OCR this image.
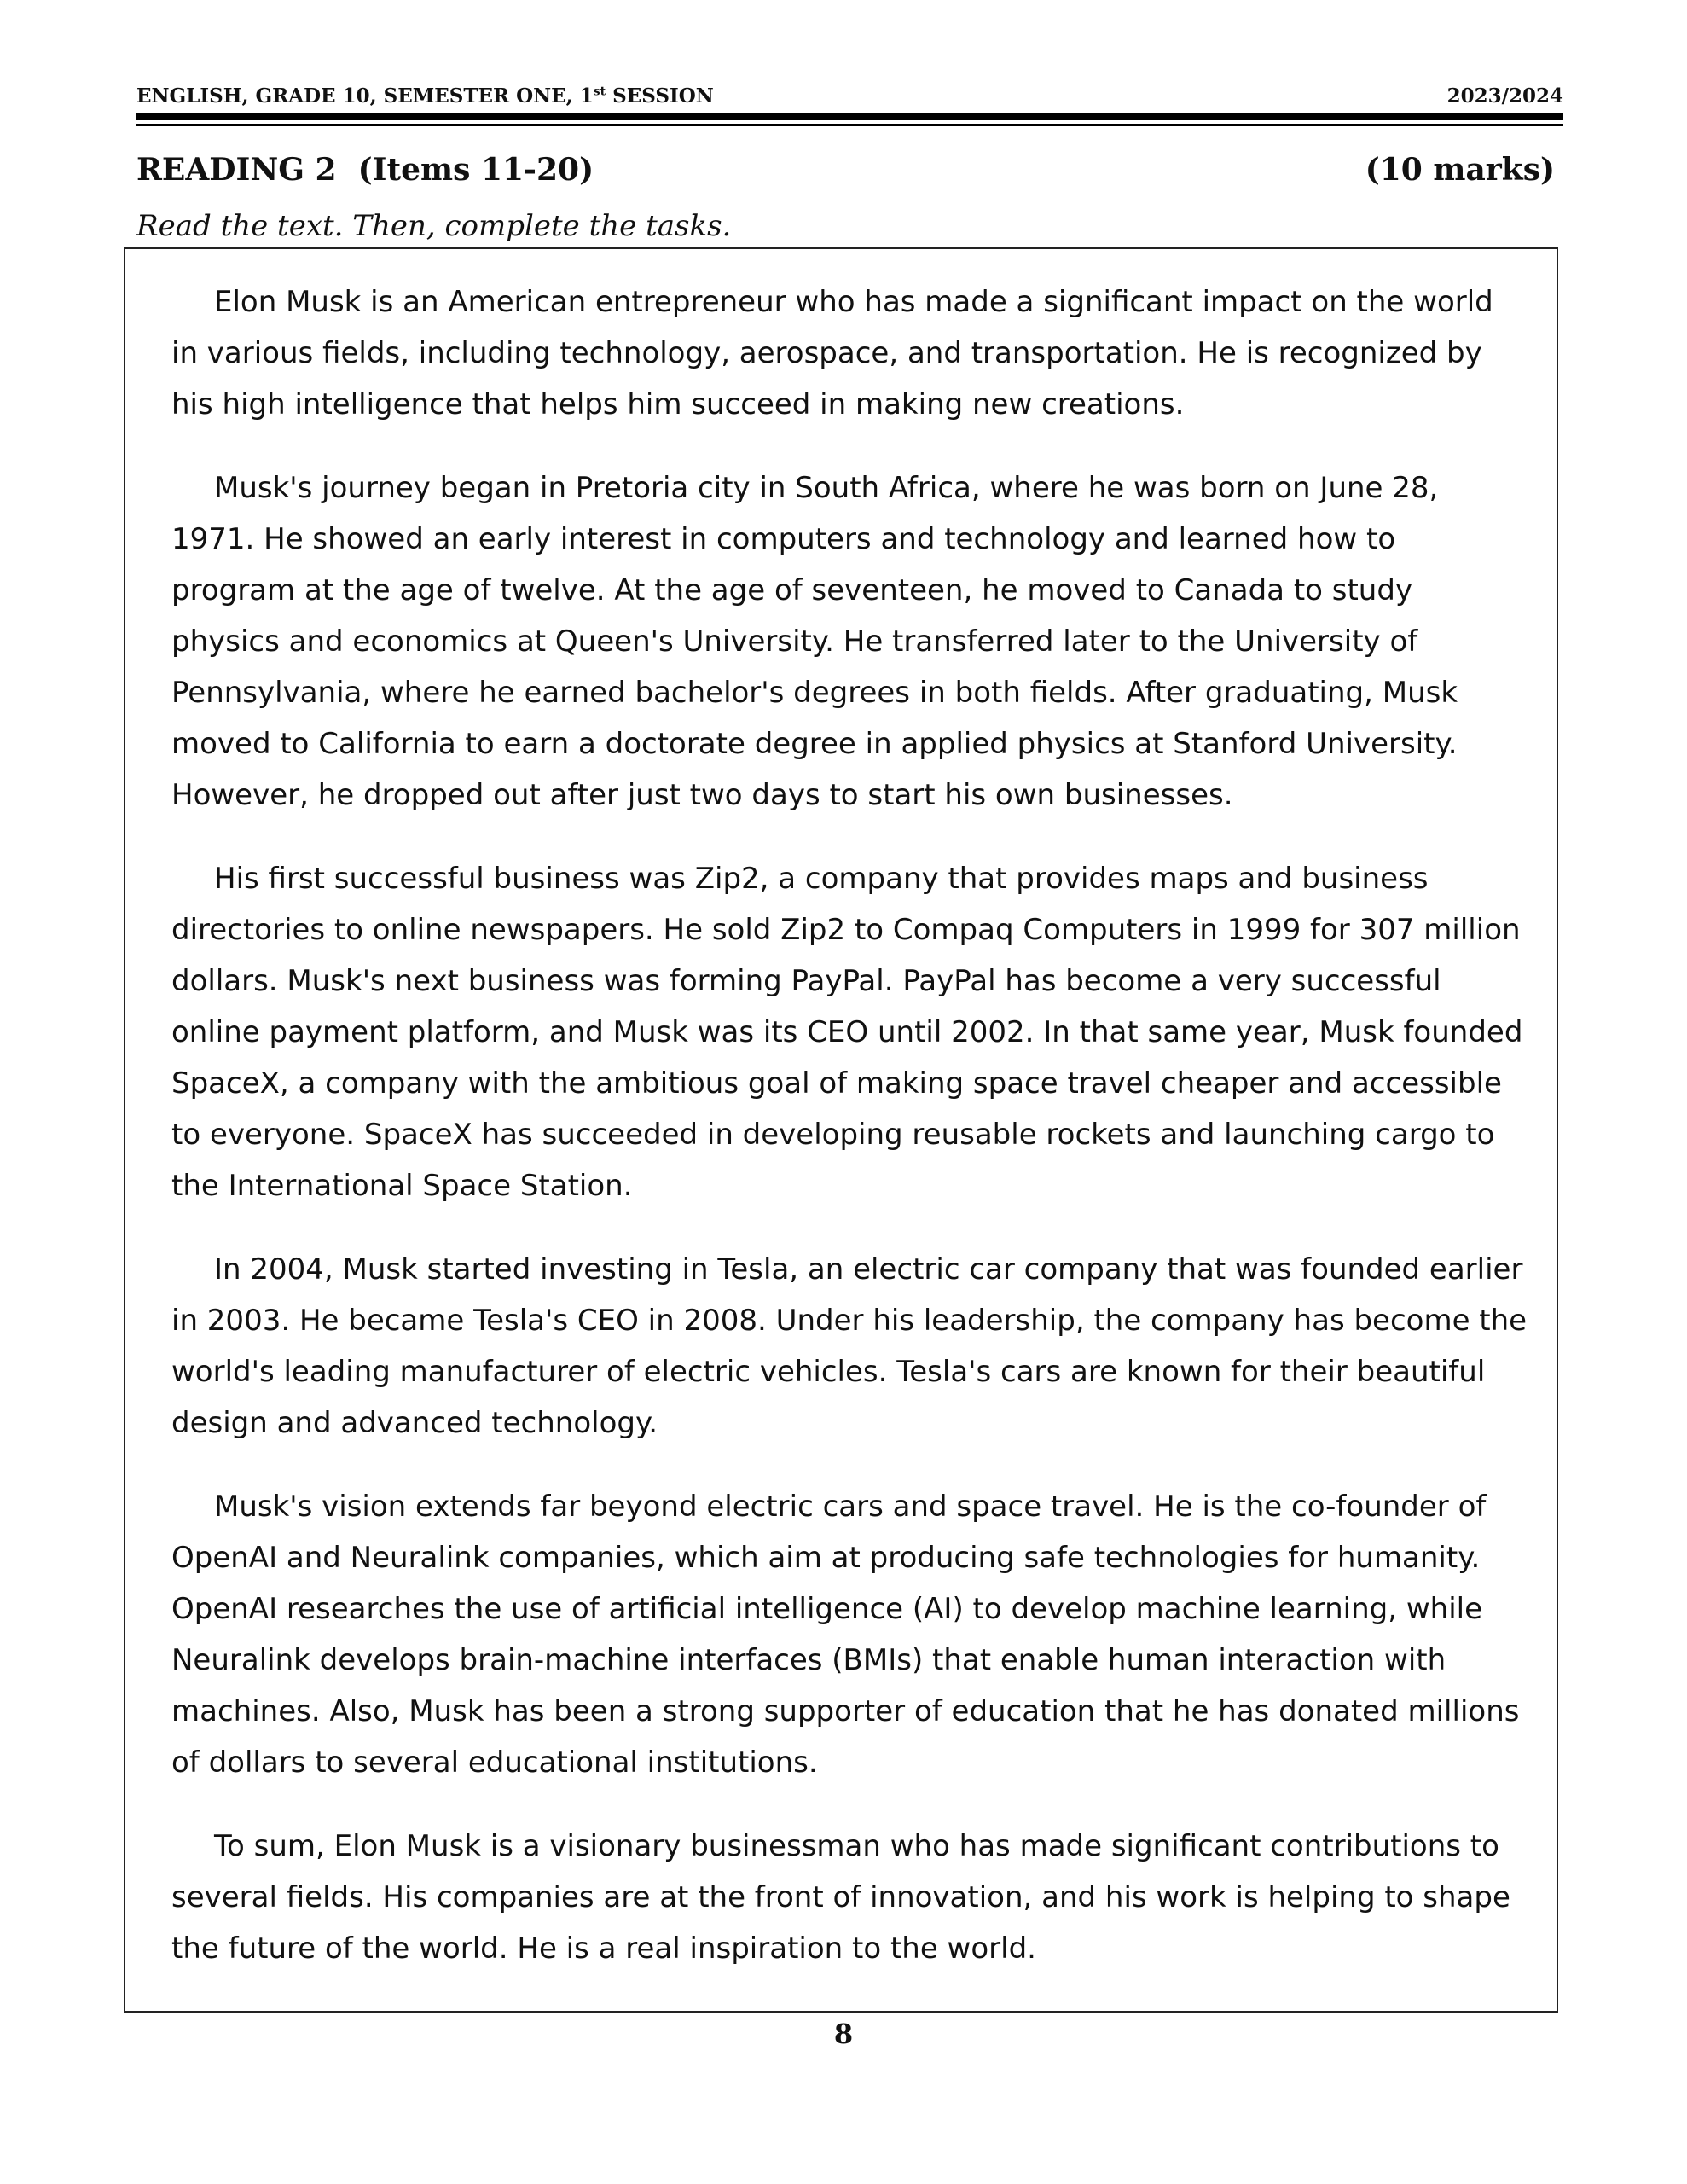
ENGLISH, GRADE 10, SEMESTER ONE, 1st SESSION	2023/2024
READING 2  (Items 11-20)	(10 marks)
Read the text. Then, complete the tasks.

Elon Musk is an American entrepreneur who has made a significant impact on the world in various fields, including technology, aerospace, and transportation. He is recognized by his high intelligence that helps him succeed in making new creations.

Musk's journey began in Pretoria city in South Africa, where he was born on June 28, 1971. He showed an early interest in computers and technology and learned how to program at the age of twelve. At the age of seventeen, he moved to Canada to study physics and economics at Queen's University. He transferred later to the University of Pennsylvania, where he earned bachelor's degrees in both fields. After graduating, Musk moved to California to earn a doctorate degree in applied physics at Stanford University. However, he dropped out after just two days to start his own businesses.

His first successful business was Zip2, a company that provides maps and business directories to online newspapers. He sold Zip2 to Compaq Computers in 1999 for 307 million dollars. Musk's next business was forming PayPal. PayPal has become a very successful online payment platform, and Musk was its CEO until 2002. In that same year, Musk founded SpaceX, a company with the ambitious goal of making space travel cheaper and accessible to everyone. SpaceX has succeeded in developing reusable rockets and launching cargo to the International Space Station.

In 2004, Musk started investing in Tesla, an electric car company that was founded earlier in 2003. He became Tesla's CEO in 2008. Under his leadership, the company has become the world's leading manufacturer of electric vehicles. Tesla's cars are known for their beautiful design and advanced technology.

Musk's vision extends far beyond electric cars and space travel. He is the co-founder of OpenAI and Neuralink companies, which aim at producing safe technologies for humanity. OpenAI researches the use of artificial intelligence (AI) to develop machine learning, while Neuralink develops brain-machine interfaces (BMIs) that enable human interaction with machines. Also, Musk has been a strong supporter of education that he has donated millions of dollars to several educational institutions.

To sum, Elon Musk is a visionary businessman who has made significant contributions to several fields. His companies are at the front of innovation, and his work is helping to shape the future of the world. He is a real inspiration to the world.

8
